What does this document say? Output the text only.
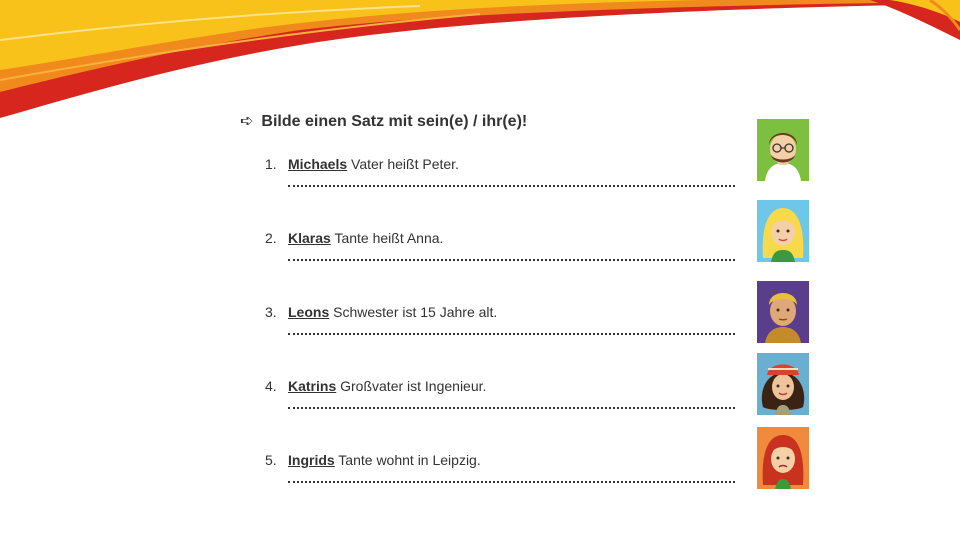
➪ Bilde einen Satz mit sein(e) / ihr(e)!
1. Michaels Vater heißt Peter.
2. Klaras Tante heißt Anna.
3. Leons Schwester ist 15 Jahre alt.
4. Katrins Großvater ist Ingenieur.
5. Ingrids Tante wohnt in Leipzig.
